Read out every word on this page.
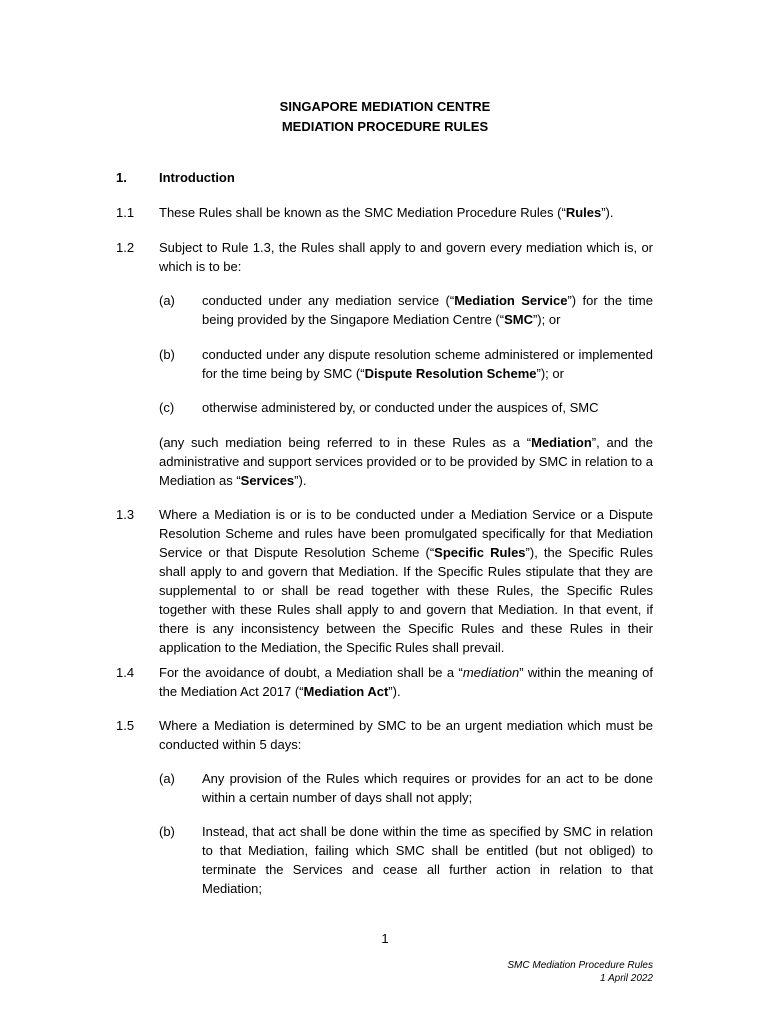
SINGAPORE MEDIATION CENTRE
MEDIATION PROCEDURE RULES
1. Introduction
1.1 These Rules shall be known as the SMC Mediation Procedure Rules (“Rules”).
1.2 Subject to Rule 1.3, the Rules shall apply to and govern every mediation which is, or which is to be:
(a) conducted under any mediation service (“Mediation Service”) for the time being provided by the Singapore Mediation Centre (“SMC”); or
(b) conducted under any dispute resolution scheme administered or implemented for the time being by SMC (“Dispute Resolution Scheme”); or
(c) otherwise administered by, or conducted under the auspices of, SMC
(any such mediation being referred to in these Rules as a “Mediation”, and the administrative and support services provided or to be provided by SMC in relation to a Mediation as “Services”).
1.3 Where a Mediation is or is to be conducted under a Mediation Service or a Dispute Resolution Scheme and rules have been promulgated specifically for that Mediation Service or that Dispute Resolution Scheme (“Specific Rules”), the Specific Rules shall apply to and govern that Mediation. If the Specific Rules stipulate that they are supplemental to or shall be read together with these Rules, the Specific Rules together with these Rules shall apply to and govern that Mediation. In that event, if there is any inconsistency between the Specific Rules and these Rules in their application to the Mediation, the Specific Rules shall prevail.
1.4 For the avoidance of doubt, a Mediation shall be a “mediation” within the meaning of the Mediation Act 2017 (“Mediation Act”).
1.5 Where a Mediation is determined by SMC to be an urgent mediation which must be conducted within 5 days:
(a) Any provision of the Rules which requires or provides for an act to be done within a certain number of days shall not apply;
(b) Instead, that act shall be done within the time as specified by SMC in relation to that Mediation, failing which SMC shall be entitled (but not obliged) to terminate the Services and cease all further action in relation to that Mediation;
1
SMC Mediation Procedure Rules
1 April 2022
